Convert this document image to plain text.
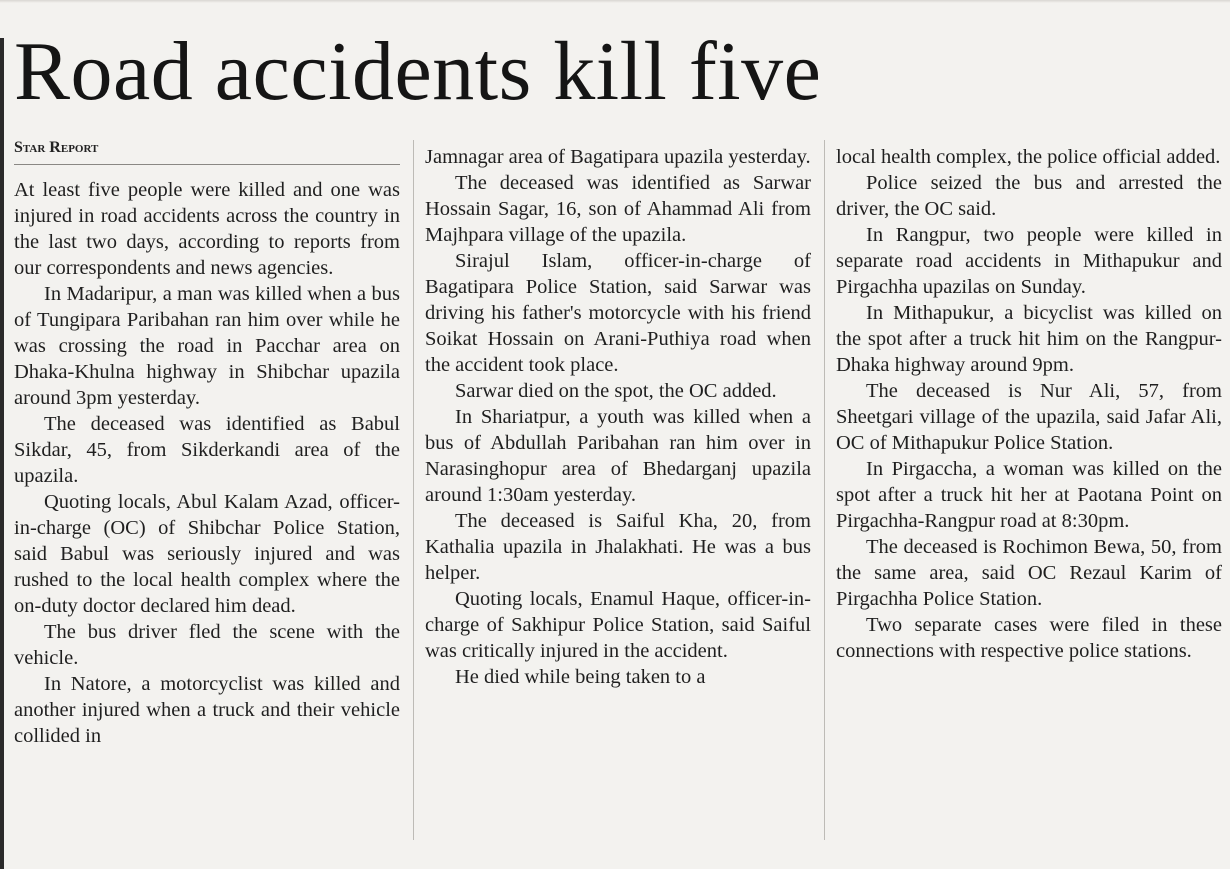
Road accidents kill five
Star Report

At least five people were killed and one was injured in road accidents across the country in the last two days, according to reports from our correspondents and news agencies.

In Madaripur, a man was killed when a bus of Tungipara Paribahan ran him over while he was crossing the road in Pacchar area on Dhaka-Khulna highway in Shibchar upazila around 3pm yesterday.

The deceased was identified as Babul Sikdar, 45, from Sikderkandi area of the upazila.

Quoting locals, Abul Kalam Azad, officer-in-charge (OC) of Shibchar Police Station, said Babul was seriously injured and was rushed to the local health complex where the on-duty doctor declared him dead.

The bus driver fled the scene with the vehicle.

In Natore, a motorcyclist was killed and another injured when a truck and their vehicle collided in

Jamnagar area of Bagatipara upazila yesterday.

The deceased was identified as Sarwar Hossain Sagar, 16, son of Ahammad Ali from Majhpara village of the upazila.

Sirajul Islam, officer-in-charge of Bagatipara Police Station, said Sarwar was driving his father's motorcycle with his friend Soikat Hossain on Arani-Puthiya road when the accident took place.

Sarwar died on the spot, the OC added.

In Shariatpur, a youth was killed when a bus of Abdullah Paribahan ran him over in Narasinghopur area of Bhedarganj upazila around 1:30am yesterday.

The deceased is Saiful Kha, 20, from Kathalia upazila in Jhalakhati. He was a bus helper.

Quoting locals, Enamul Haque, officer-in-charge of Sakhipur Police Station, said Saiful was critically injured in the accident.

He died while being taken to a

local health complex, the police official added.

Police seized the bus and arrested the driver, the OC said.

In Rangpur, two people were killed in separate road accidents in Mithapukur and Pirgachha upazilas on Sunday.

In Mithapukur, a bicyclist was killed on the spot after a truck hit him on the Rangpur-Dhaka highway around 9pm.

The deceased is Nur Ali, 57, from Sheetgari village of the upazila, said Jafar Ali, OC of Mithapukur Police Station.

In Pirgaccha, a woman was killed on the spot after a truck hit her at Paotana Point on Pirgachha-Rangpur road at 8:30pm.

The deceased is Rochimon Bewa, 50, from the same area, said OC Rezaul Karim of Pirgachha Police Station.

Two separate cases were filed in these connections with respective police stations.
